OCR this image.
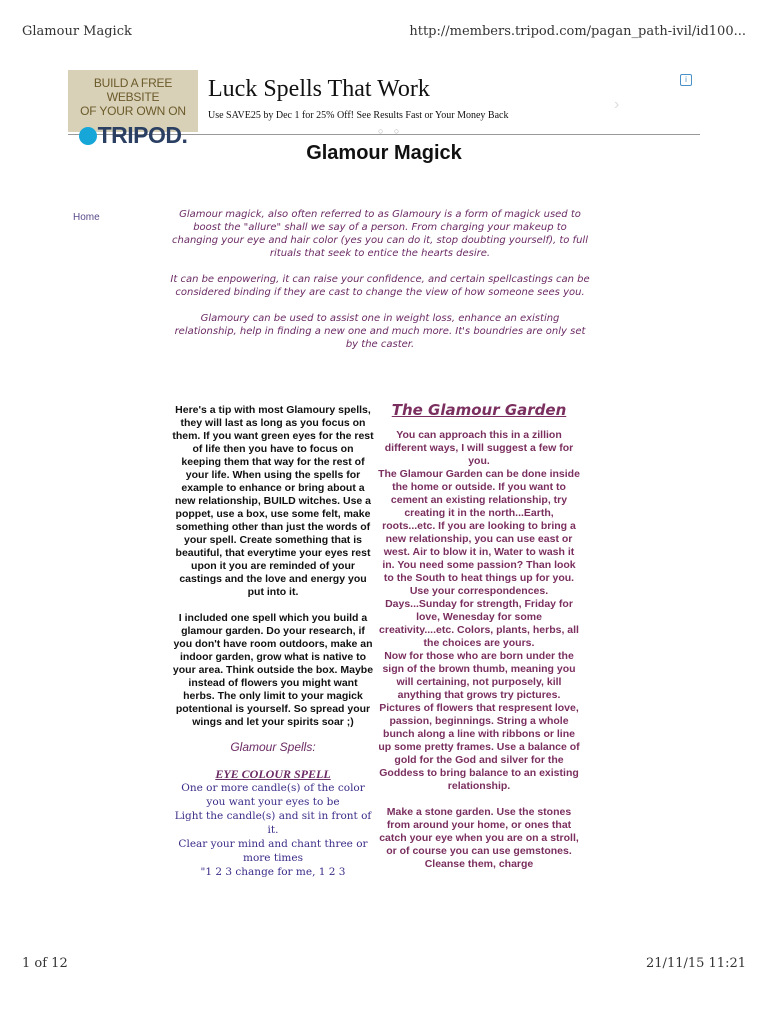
Glamour Magick	http://members.tripod.com/pagan_path-ivil/id100...
BUILD A FREE WEBSITE
OF YOUR OWN ON
TRIPOD.
Luck Spells That Work
Use SAVE25 by Dec 1 for 25% Off! See Results Fast or Your Money Back
›
i
○ ○
Glamour Magick
Home	Glamour magick, also often referred to as Glamoury is a form of magick used to boost the "allure" shall we say of a person. From charging your makeup to changing your eye and hair color (yes you can do it, stop doubting yourself), to full rituals that seek to entice the hearts desire.

It can be enpowering, it can raise your confidence, and certain spellcastings can be considered binding if they are cast to change the view of how someone sees you.

Glamoury can be used to assist one in weight loss, enhance an existing relationship, help in finding a new one and much more. It's boundries are only set by the caster.

Here's a tip with most Glamoury spells, they will last as long as you focus on them. If you want green eyes for the rest of life then you have to focus on keeping them that way for the rest of your life. When using the spells for example to enhance or bring about a new relationship, BUILD witches. Use a poppet, use a box, use some felt, make something other than just the words of your spell. Create something that is beautiful, that everytime your eyes rest upon it you are reminded of your castings and the love and energy you put into it.

I included one spell which you build a glamour garden. Do your research, if you don't have room outdoors, make an indoor garden, grow what is native to your area. Think outside the box. Maybe instead of flowers you might want herbs. The only limit to your magick potentional is yourself. So spread your wings and let your spirits soar ;)

Glamour Spells:
EYE COLOUR SPELL
One or more candle(s) of the color you want your eyes to be
Light the candle(s) and sit in front of it.
Clear your mind and chant three or more times
"1 2 3 change for me, 1 2 3
The Glamour Garden

You can approach this in a zillion different ways, I will suggest a few for you.
The Glamour Garden can be done inside the home or outside. If you want to cement an existing relationship, try creating it in the north...Earth, roots...etc. If you are looking to bring a new relationship, you can use east or west. Air to blow it in, Water to wash it in. You need some passion? Than look to the South to heat things up for you.
Use your correspondences.
Days...Sunday for strength, Friday for love, Wenesday for some creativity....etc. Colors, plants, herbs, all the choices are yours.
Now for those who are born under the sign of the brown thumb, meaning you will certaining, not purposely, kill anything that grows try pictures. Pictures of flowers that respresent love, passion, beginnings. String a whole bunch along a line with ribbons or line up some pretty frames. Use a balance of gold for the God and silver for the Goddess to bring balance to an existing relationship.

Make a stone garden. Use the stones from around your home, or ones that catch your eye when you are on a stroll, or of course you can use gemstones. Cleanse them, charge

1 of 12	21/11/15 11:21
